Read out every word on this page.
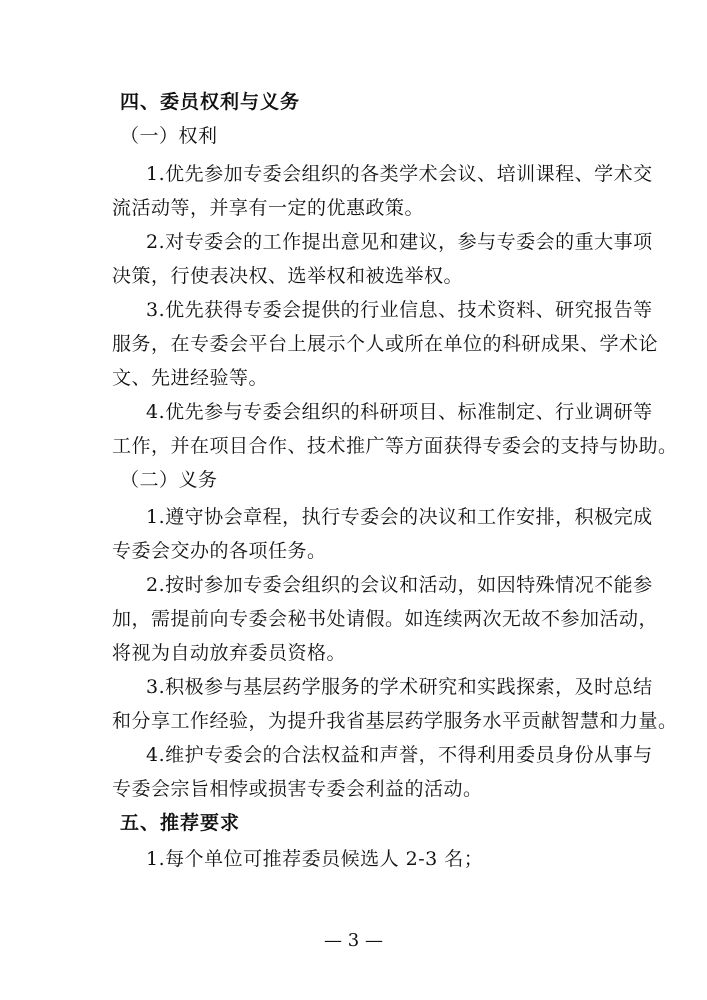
四、委员权利与义务
（一）权利
1.优先参加专委会组织的各类学术会议、培训课程、学术交
流活动等，并享有一定的优惠政策。
2.对专委会的工作提出意见和建议，参与专委会的重大事项
决策，行使表决权、选举权和被选举权。
3.优先获得专委会提供的行业信息、技术资料、研究报告等
服务，在专委会平台上展示个人或所在单位的科研成果、学术论
文、先进经验等。
4.优先参与专委会组织的科研项目、标准制定、行业调研等
工作，并在项目合作、技术推广等方面获得专委会的支持与协助。
（二）义务
1.遵守协会章程，执行专委会的决议和工作安排，积极完成
专委会交办的各项任务。
2.按时参加专委会组织的会议和活动，如因特殊情况不能参
加，需提前向专委会秘书处请假。如连续两次无故不参加活动，
将视为自动放弃委员资格。
3.积极参与基层药学服务的学术研究和实践探索，及时总结
和分享工作经验，为提升我省基层药学服务水平贡献智慧和力量。
4.维护专委会的合法权益和声誉，不得利用委员身份从事与
专委会宗旨相悖或损害专委会利益的活动。
五、推荐要求
1.每个单位可推荐委员候选人 2-3 名；
— 3 —
